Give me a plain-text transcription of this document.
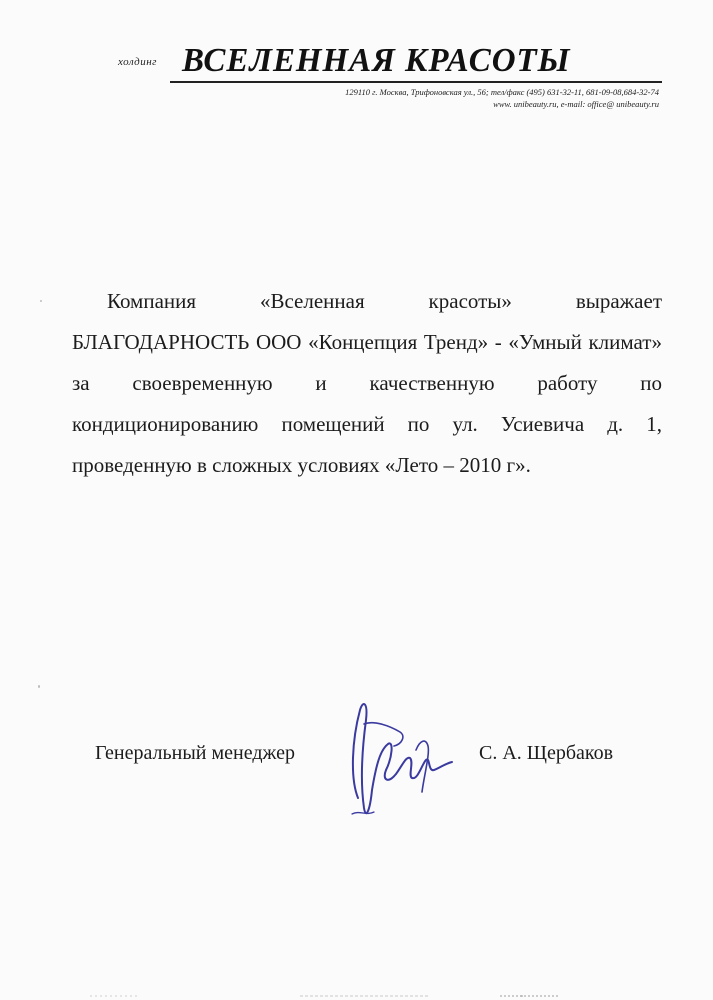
холдинг ВСЕЛЕННАЯ КРАСОТЫ
129110 г. Москва, Трифоновская ул., 56; тел/факс (495) 631-32-11, 681-09-08,684-32-74
www. unibeauty.ru, e-mail: office@ unibeauty.ru

Компания «Вселенная красоты» выражает БЛАГОДАРНОСТЬ ООО «Концепция Тренд» - «Умный климат» за своевременную и качественную работу по кондиционированию помещений по ул. Усиевича д. 1, проведенную в сложных условиях «Лето – 2010 г».

Генеральный менеджер	С. А. Щербаков
